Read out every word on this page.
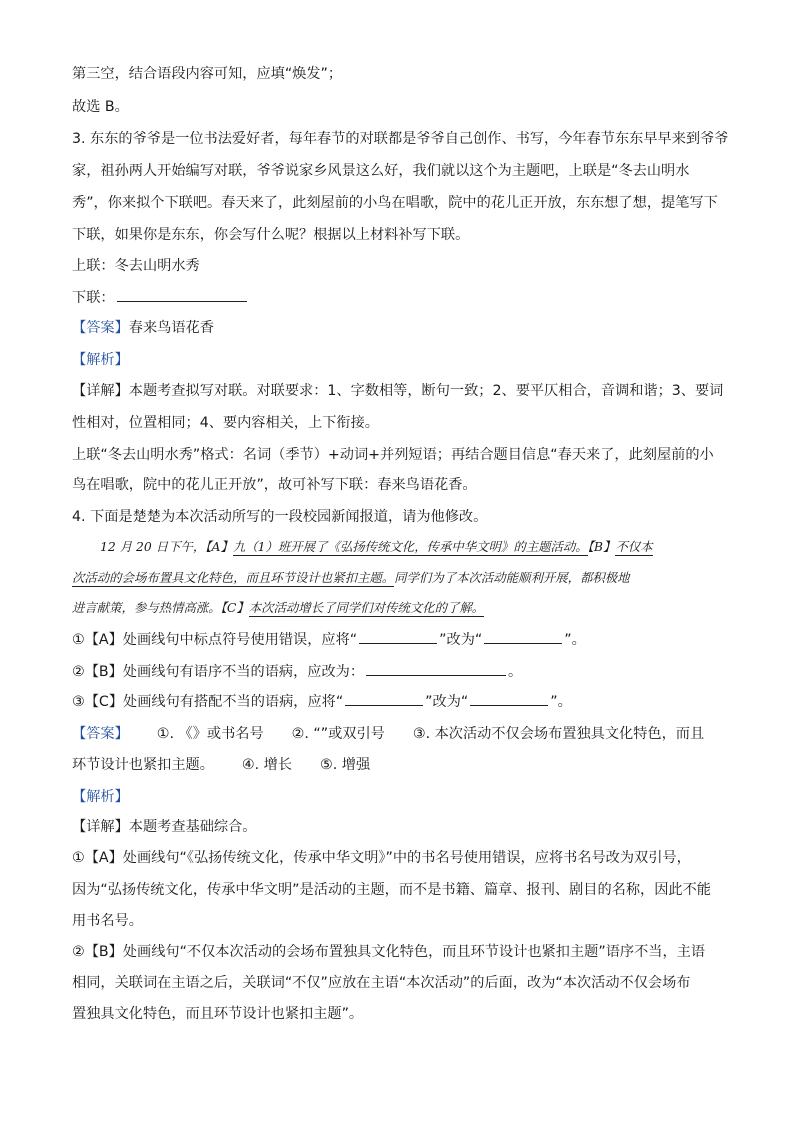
第三空，结合语段内容可知，应填“焕发”；
故选 B。
3. 东东的爷爷是一位书法爱好者，每年春节的对联都是爷爷自己创作、书写，今年春节东东早早来到爷爷
家，祖孙两人开始编写对联，爷爷说家乡风景这么好，我们就以这个为主题吧，上联是“冬去山明水
秀”，你来拟个下联吧。春天来了，此刻屋前的小鸟在唱歌，院中的花儿正开放，东东想了想，提笔写下
下联，如果你是东东，你会写什么呢？根据以上材料补写下联。
上联：冬去山明水秀
下联：
【答案】春来鸟语花香
【解析】
【详解】本题考查拟写对联。对联要求：1、字数相等，断句一致；2、要平仄相合，音调和谐；3、要词
性相对，位置相同；4、要内容相关，上下衔接。
上联“冬去山明水秀”格式：名词（季节）+动词+并列短语；再结合题目信息“春天来了，此刻屋前的小
鸟在唱歌，院中的花儿正开放”，故可补写下联：春来鸟语花香。
4. 下面是楚楚为本次活动所写的一段校园新闻报道，请为他修改。
12 月 20 日下午，【A】九（1）班开展了《弘扬传统文化，传承中华文明》的主题活动。【B】不仅本
次活动的会场布置具文化特色，而且环节设计也紧扣主题。同学们为了本次活动能顺利开展，都积极地
进言献策，参与热情高涨。【C】本次活动增长了同学们对传统文化的了解。
①【A】处画线句中标点符号使用错误，应将“	”改为“	”。
②【B】处画线句有语序不当的语病，应改为：	。
③【C】处画线句有搭配不当的语病，应将“	”改为“	”。
【答案】 ①. 《》或书名号 ②. “”或双引号 ③. 本次活动不仅会场布置独具文化特色，而且
环节设计也紧扣主题。 ④. 增长 ⑤. 增强
【解析】
【详解】本题考查基础综合。
①【A】处画线句“《弘扬传统文化，传承中华文明》”中的书名号使用错误，应将书名号改为双引号，
因为“弘扬传统文化，传承中华文明”是活动的主题，而不是书籍、篇章、报刊、剧目的名称，因此不能
用书名号。
②【B】处画线句“不仅本次活动的会场布置独具文化特色，而且环节设计也紧扣主题”语序不当，主语
相同，关联词在主语之后，关联词“不仅”应放在主语“本次活动”的后面，改为“本次活动不仅会场布
置独具文化特色，而且环节设计也紧扣主题”。
